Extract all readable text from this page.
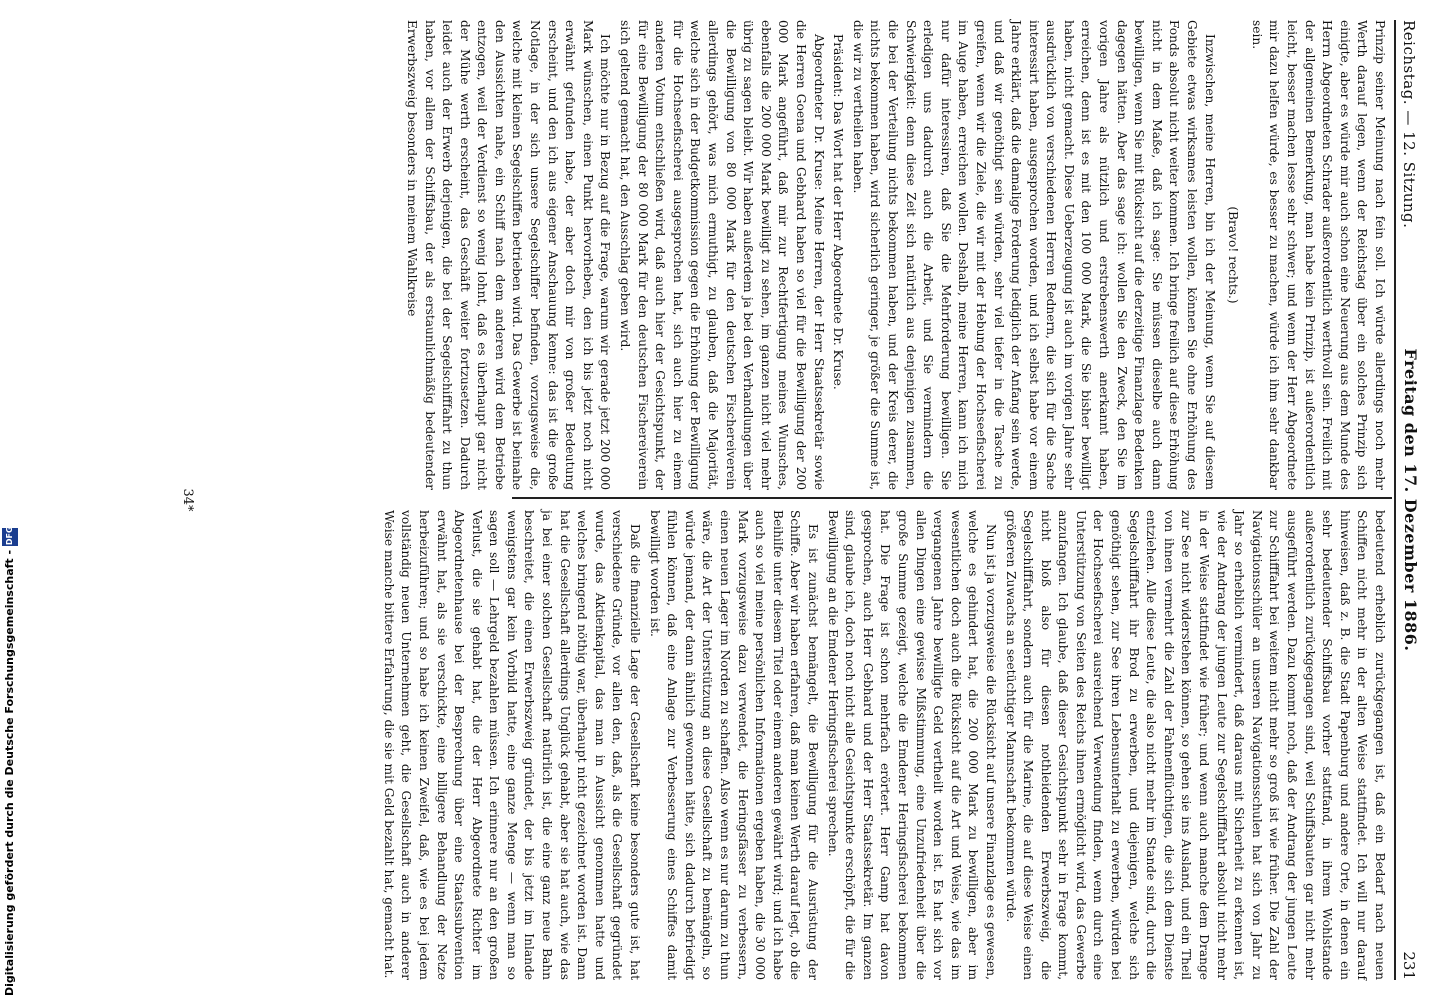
Reichstag. — 12. Sitzung.
Freitag den 17. Dezember 1886.
231

Prinzip seiner Meinung nach fein soll. Ich würde allerdings noch mehr Werth darauf legen, wenn der Reichstag über ein solches Prinzip sich einigte, aber es würde mir auch schon eine Neuerung aus dem Munde des Herrn Abgeordneten Schrader außerordentlich werthvoll sein. Freilich mit der allgemeinen Bemerkung, man habe kein Prinzip, ist außerordentlich leicht, besser machen lesse sehr schwer; und wenn der Herr Abgeordnete mir dazu helfen würde, es besser zu machen, würde ich ihm sehr dankbar sein.

(Bravo! rechts.)

Inzwischen, meine Herren, bin ich der Meinung, wenn Sie auf diesem Gebiete etwas wirksames leisten wollen, können Sie ohne Erhöhung des Fonds absolut nicht weiter kommen. Ich bringe freilich auf diese Erhöhung nicht in dem Maße, daß ich sage: Sie müssen dieselbe auch dann bewilligen, wenn Sie mit Rücksicht auf die derzeitige Finanzlage Bedenken dagegen hätten. Aber das sage ich: wollen Sie den Zweck, den Sie im vorigen Jahre als nützlich und erstrebenswerth anerkannt haben, erreichen, denn ist es mit den 100 000 Mark, die Sie bisher bewilligt haben, nicht gemacht. Diese Ueberzeugung ist auch im vorigen Jahre sehr ausdrücklich von verschiedenen Herren Rednern, die sich für die Sache interessirt haben, ausgesprochen worden, und ich selbst habe vor einem Jahre erklärt, daß die damalige Forderung lediglich der Anfang sein werde, und daß wir genöthigt sein würden, sehr viel tiefer in die Tasche zu greifen, wenn wir die Ziele, die wir mit der Hebung der Hochseefischerei im Auge haben, erreichen wollen. Deshalb, meine Herren, kann ich mich nur dafür interessiren, daß Sie die Mehrforderung bewilligen. Sie erledigen uns dadurch auch die Arbeit, und Sie vermindern die Schwierigkeit: denn diese Zeit sich natürlich aus denjenigen zusammen, die bei der Verteilung nichts bekommen haben, und der Kreis derer, die nichts bekommen haben, wird sicherlich geringer, je größer die Summe ist, die wir zu vertheilen haben.

Präsident: Das Wort hat der Herr Abgeordnete Dr. Kruse.

Abgeordneter Dr. Kruse: Meine Herren, der Herr Staatssekretär sowie die Herren Goena und Gebhard haben so viel für die Bewilligung der 200 000 Mark angeführt, daß mir zur Rechtfertigung meines Wunsches, ebenfalls die 200 000 Mark bewilligt zu sehen, im ganzen nicht viel mehr übrig zu sagen bleibt. Wir haben außerdem ja bei den Verhandlungen über die Bewilligung von 80 000 Mark für den deutschen Fischereiverein allerdings gehört, was mich ermuthigt, zu glauben, daß die Majorität, welche sich in der Budgetkommission gegen die Erhöhung der Bewilligung für die Hochseefischerei ausgesprochen hat, sich auch hier zu einem anderen Votum entschließen wird, daß auch hier der Gesichtspunkt, der für eine Bewilligung der 80 000 Mark für den deutschen Fischereiverein sich geltend gemacht hat, den Ausschlag geben wird.

Ich möchte nur in Bezug auf die Frage, warum wir gerade jetzt 200 000 Mark wünschen, einen Punkt hervorheben, den ich bis jetzt noch nicht erwähnt gefunden habe, der aber doch mir von großer Bedeutung erscheint, und den ich aus eigener Anschauung kenne: das ist die große Notlage, in der sich unsere Segelschiffer befinden, vorzugsweise die, welche mit kleinen Segelschiffen betrieben wird. Das Gewerbe ist beinahe den Aussichten nahe, ein Schiff nach dem anderen wird dem Betriebe entzogen, weil der Verdienst so wenig lohnt, daß es überhaupt gar nicht der Mühe werth erscheint, das Geschäft weiter fortzusetzen. Dadurch leidet auch der Erwerb derjenigen, die bei der Segelschifffahrt zu thun haben, vor allem der Schiffsbau, der als erstaunlichmäßig bedeutender Erwerbszweig besonders in meinem Wahlkreise

bedeutend erheblich zurückgegangen ist, daß ein Bedarf nach neuen Schiffen nicht mehr in der alten Weise stattfindet. Ich will nur darauf hinweisen, daß z. B. die Stadt Papenburg und andere Orte, in denen ein sehr bedeutender Schiffsbau vorher stattfand, in ihrem Wohlstande außerordentlich zurückgegangen sind, weil Schiffsbauten gar nicht mehr ausgeführt werden. Dazu kommt noch, daß der Andrang der jungen Leute zur Schifffahrt bei weitem nicht mehr so groß ist wie früher. Die Zahl der Navigationsschüler an unseren Navigationsschulen hat sich von Jahr zu Jahr so erheblich vermindert, daß daraus mit Sicherheit zu erkennen ist, wie der Andrang der jungen Leute zur Segelschifffahrt absolut nicht mehr in der Weise stattfindet wie früher; und wenn auch manche dem Drange zur See nicht widerstehen können, so gehen sie ins Ausland, und ein Theil von ihnen vermehrt die Zahl der Fahnenflüchtigen, die sich dem Dienste entziehen. Alle diese Leute, die also nicht mehr im Stande sind, durch die Segelschifffahrt ihr Brod zu erwerben, und diejenigen, welche sich genöthigt sehen, zur See ihren Lebensunterhalt zu erwerben, würden bei der Hochseefischerei ausreichend Verwendung finden, wenn durch eine Unterstützung von Seiten des Reichs ihnen ermöglicht wird, das Gewerbe anzufangen. Ich glaube, daß dieser Gesichtspunkt sehr in Frage kommt, nicht bloß also für diesen nothleidenden Erwerbszweig, die Segelschifffahrt, sondern auch für die Marine, die auf diese Weise einen größeren Zuwachs an seetüchtiger Mannschaft bekommen würde.

Nun ist ja vorzugsweise die Rücksicht auf unsere Finanzlage es gewesen, welche es gehindert hat, die 200 000 Mark zu bewilligen, aber im wesentlichen doch auch die Rücksicht auf die Art und Weise, wie das im vergangenen Jahre bewilligte Geld vertheilt worden ist. Es hat sich vor allen Dingen eine gewisse Mißstimmung, eine Unzufriedenheit über die große Summe gezeigt, welche die Emdener Heringsfischerei bekommen hat. Die Frage ist schon mehrfach erörtert. Herr Gamp hat davon gesprochen, auch Herr Gebhard und der Herr Staatssekretär. Im ganzen sind, glaube ich, doch noch nicht alle Gesichtspunkte erschöpft, die für die Bewilligung an die Emdener Heringsfischerei sprechen.

Es ist zunächst bemängelt, die Bewilligung für die Ausrüstung der Schiffe. Aber wir haben erfahren, daß man keinen Werth darauf legt, ob die Beihilfe unter diesem Titel oder einem anderen gewährt wird; und ich habe auch so viel meine persönlichen Informationen ergeben haben, die 30 000 Mark vorzugsweise dazu verwendet, die Heringsfässer zu verbessern, einen neuen Lager im Norden zu schaffen. Also wenn es nur darum zu thun wäre, die Art der Unterstützung an diese Gesellschaft zu bemängeln, so würde jemand, der dann ähnlich gewonnen hätte, sich dadurch befriedigt fühlen können, daß eine Anlage zur Verbesserung eines Schiffes damit bewilligt worden ist.

Daß die finanzielle Lage der Gesellschaft keine besonders gute ist, hat verschiedene Gründe, vor allen den, daß, als die Gesellschaft gegründet wurde, das Aktienkapital, das man in Aussicht genommen hatte und welches bringend nöthig war, überhaupt nicht gezeichnet worden ist. Dann hat die Gesellschaft allerdings Unglück gehabt, aber sie hat auch, wie das ja bei einer solchen Gesellschaft natürlich ist, die eine ganz neue Bahn beschreitet, die einen Erwerbszweig gründet, der bis jetzt im Inlande wenigstens gar kein Vorbild hatte, eine ganze Menge — wenn man so sagen soll — Lehrgeld bezahlen müssen. Ich erinnere nur an den großen Verlust, die sie gehabt hat, die der Herr Abgeordnete Richter im Abgeordnetenhause bei der Besprechung über eine Staatssubvention erwähnt hat, als sie verschickte, eine billigere Behandlung der Netze herbeizuführen; und so habe ich keinen Zweifel, daß, wie es bei jedem vollständig neuen Unternehmen geht, die Gesellschaft auch in anderer Weise manche bittere Erfahrung, die sie mit Geld bezahlt hat, gemacht hat.

34*
Digitalisierung gefördert durch die Deutsche Forschungsgemeinschaft - DFG
